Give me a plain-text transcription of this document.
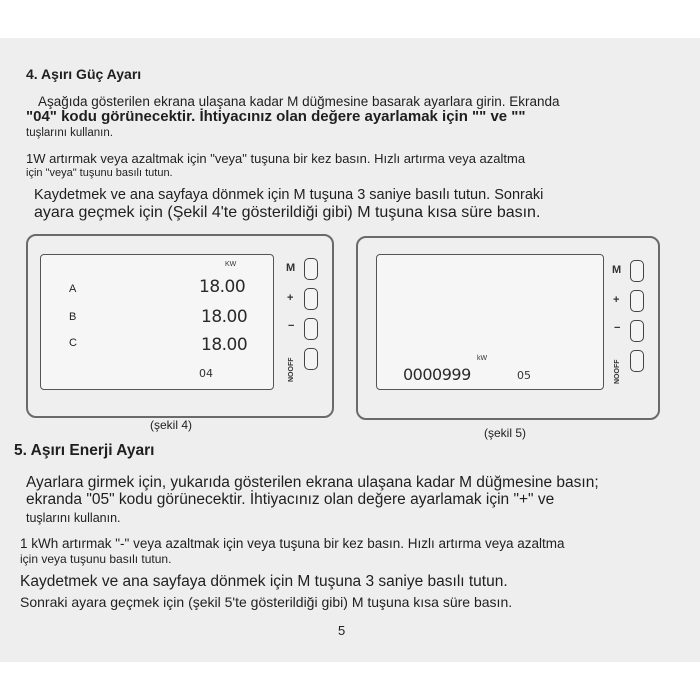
4. Aşırı Güç Ayarı
Aşağıda gösterilen ekrana ulaşana kadar M düğmesine basarak ayarlara girin. Ekranda
"04" kodu görünecektir. İhtiyacınız olan değere ayarlamak için "" ve ""
tuşlarını kullanın.
1W artırmak veya azaltmak için "veya" tuşuna bir kez basın. Hızlı artırma veya azaltma
için "veya" tuşunu basılı tutun.
Kaydetmek ve ana sayfaya dönmek için M tuşuna 3 saniye basılı tutun. Sonraki
ayara geçmek için (Şekil 4'te gösterildiği gibi) M tuşuna kısa süre basın.
KW
A	18.00
B	18.00
C	18.00
04
M
+
−
NOOFF
(şekil 4)
kW
0000999	05
M
+
−
NOOFF
(şekil 5)
5. Aşırı Enerji Ayarı
Ayarlara girmek için, yukarıda gösterilen ekrana ulaşana kadar M düğmesine basın;
ekranda "05" kodu görünecektir. İhtiyacınız olan değere ayarlamak için "+" ve
tuşlarını kullanın.
1 kWh artırmak "-" veya azaltmak için veya tuşuna bir kez basın. Hızlı artırma veya azaltma
için veya tuşunu basılı tutun.
Kaydetmek ve ana sayfaya dönmek için M tuşuna 3 saniye basılı tutun.
Sonraki ayara geçmek için (şekil 5'te gösterildiği gibi) M tuşuna kısa süre basın.
5
